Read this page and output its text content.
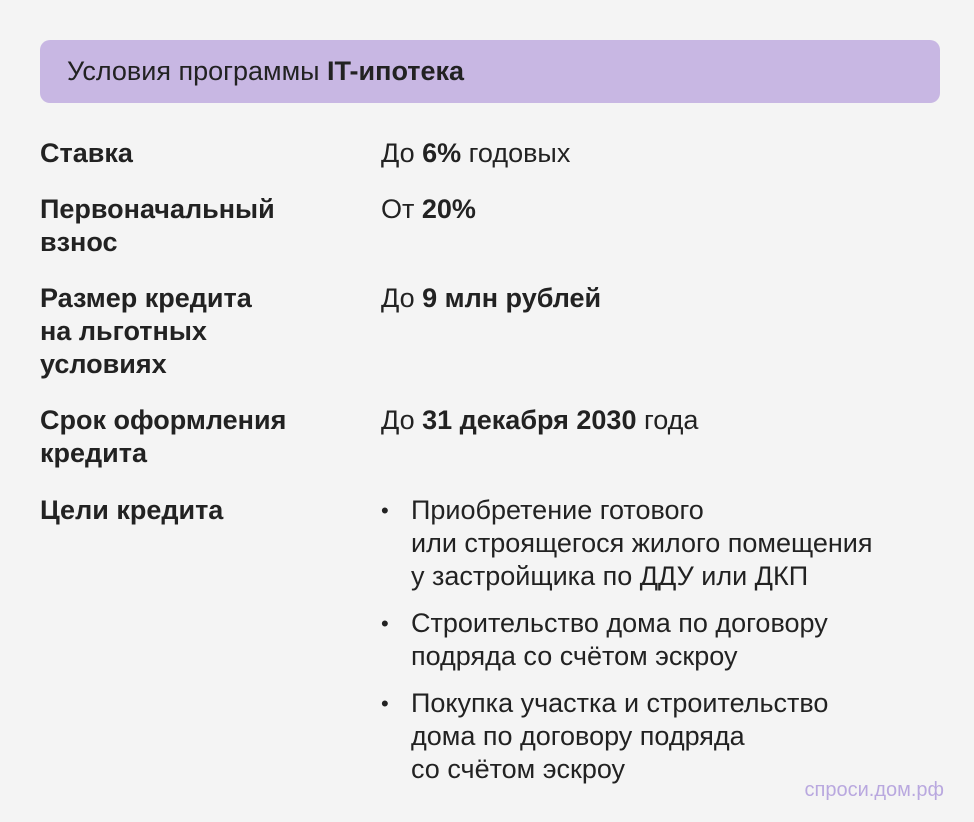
Условия программы IT-ипотека
Ставка	До 6% годовых
Первоначальный
взнос
От 20%
Размер кредита
на льготных
условиях
До 9 млн рублей
Срок оформления
кредита
До 31 декабря 2030 года
Цели кредита	• Приобретение готового
или строящегося жилого помещения
у застройщика по ДДУ или ДКП
• Строительство дома по договору
подряда со счётом эскроу
• Покупка участка и строительство
дома по договору подряда
со счётом эскроу
спроси.дом.рф
